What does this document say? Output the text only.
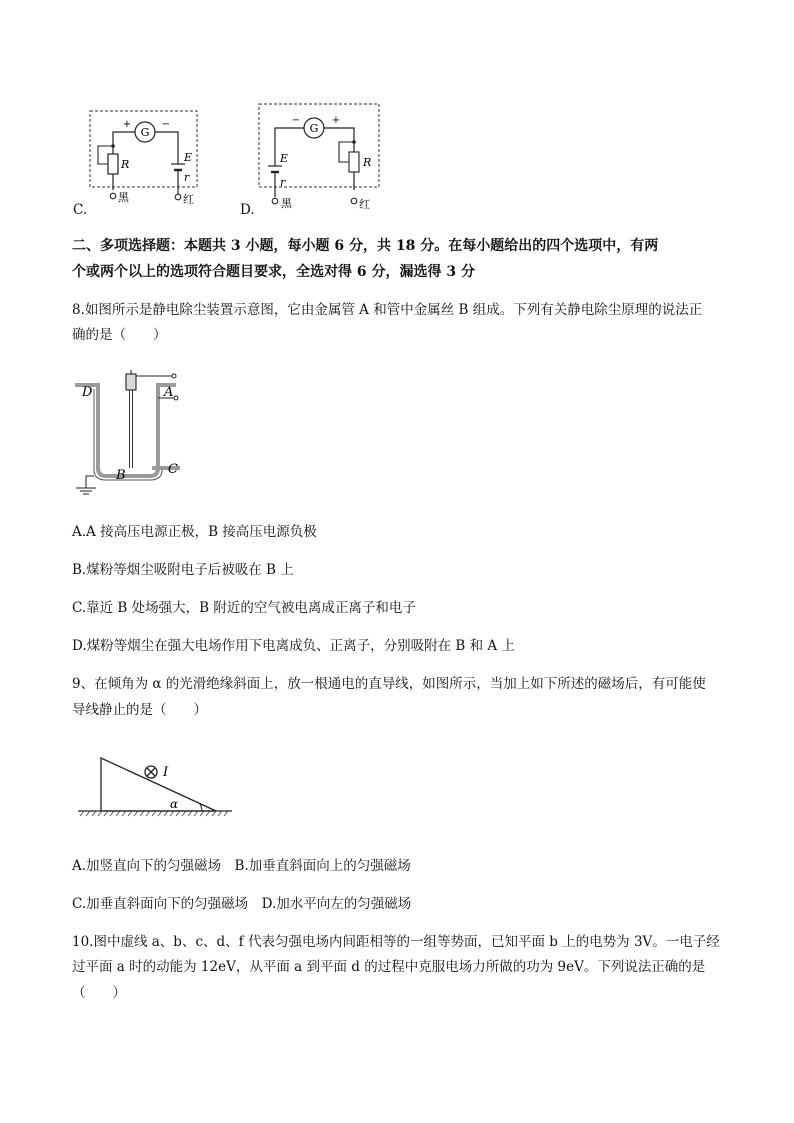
G
+	−
R
E
r
黑	红
C.
G
−	+
E
r
R
黑	红
D.
二、多项选择题：本题共 3 小题，每小题 6 分，共 18 分。在每小题给出的四个选项中，有两
个或两个以上的选项符合题目要求，全选对得 6 分，漏选得 3 分
8.如图所示是静电除尘装置示意图，它由金属管 A 和管中金属丝 B 组成。下列有关静电除尘原理的说法正
确的是（　　）
D	A
B	C
A.A 接高压电源正极，B 接高压电源负极
B.煤粉等烟尘吸附电子后被吸在 B 上
C.靠近 B 处场强大，B 附近的空气被电离成正离子和电子
D.煤粉等烟尘在强大电场作用下电离成负、正离子，分别吸附在 B 和 A 上
9、在倾角为 α 的光滑绝缘斜面上，放一根通电的直导线，如图所示，当加上如下所述的磁场后，有可能使
导线静止的是（　　）
α
I
A.加竖直向下的匀强磁场　B.加垂直斜面向上的匀强磁场
C.加垂直斜面向下的匀强磁场　D.加水平向左的匀强磁场
10.图中虚线 a、b、c、d、f 代表匀强电场内间距相等的一组等势面，已知平面 b 上的电势为 3V。一电子经
过平面 a 时的动能为 12eV，从平面 a 到平面 d 的过程中克服电场力所做的功为 9eV。下列说法正确的是
（　　）
